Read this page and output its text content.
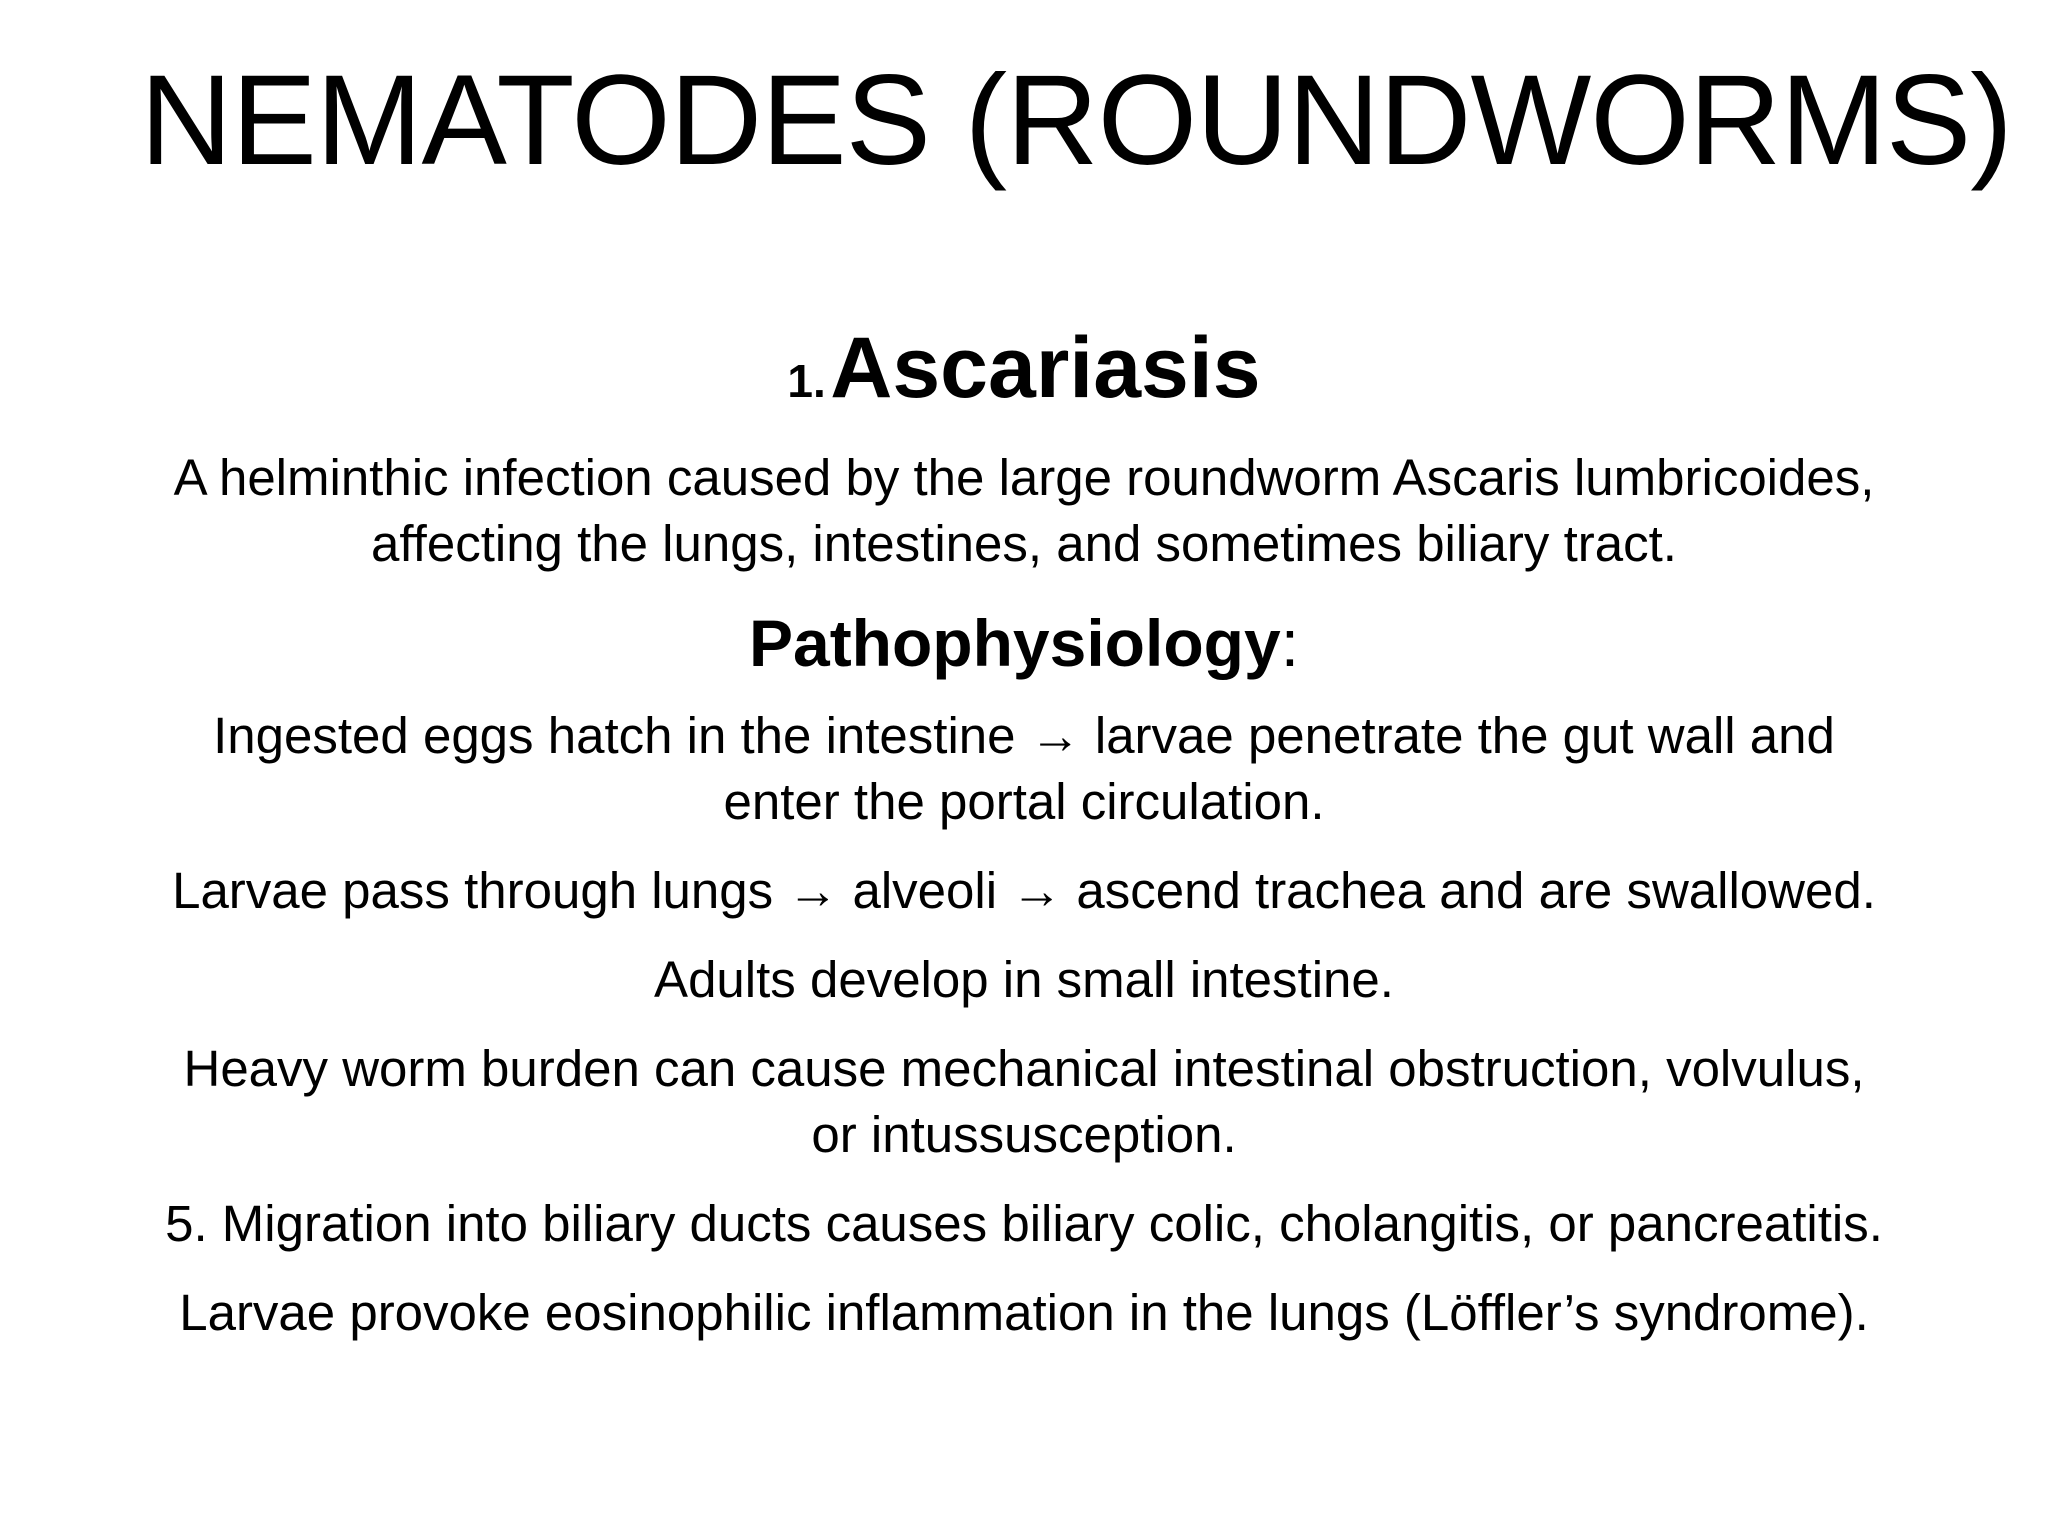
NEMATODES (ROUNDWORMS)

1. Ascariasis

A helminthic infection caused by the large roundworm Ascaris lumbricoides,
affecting the lungs, intestines, and sometimes biliary tract.

Pathophysiology:

Ingested eggs hatch in the intestine → larvae penetrate the gut wall and
enter the portal circulation.

Larvae pass through lungs → alveoli → ascend trachea and are swallowed.

Adults develop in small intestine.

Heavy worm burden can cause mechanical intestinal obstruction, volvulus,
or intussusception.

5. Migration into biliary ducts causes biliary colic, cholangitis, or pancreatitis.

Larvae provoke eosinophilic inflammation in the lungs (Löffler’s syndrome).
